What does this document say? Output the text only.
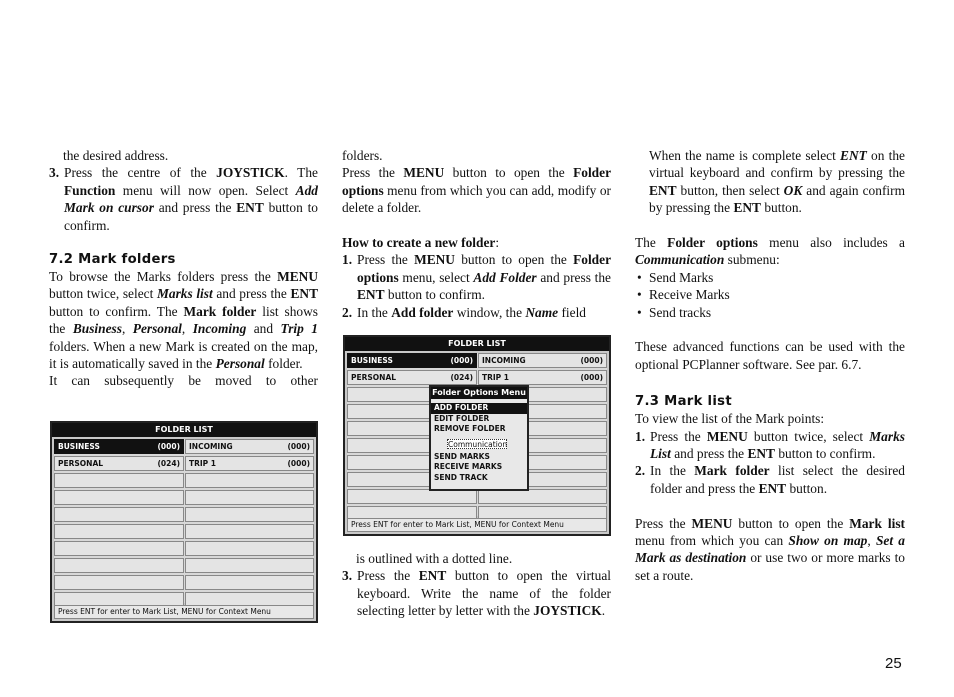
the desired address.

3. Press the centre of the JOYSTICK. The Function menu will now open. Select Add Mark on cursor and press the ENT button to confirm.
7.2 Mark folders

To browse the Marks folders press the MENU button twice, select Marks list and press the ENT button to confirm. The Mark folder list shows the Business, Personal, Incoming and Trip 1 folders. When a new Mark is created on the map, it is automatically saved in the Personal folder.

It can subsequently be moved to other

FOLDER LIST
BUSINESS	(000) INCOMING	(000)
PERSONAL	(024) TRIP 1	(000)
Press ENT for enter to Mark List, MENU for Context Menu

folders.

Press the MENU button to open the Folder options menu from which you can add, modify or delete a folder.

How to create a new folder:

1. Press the MENU button to open the Folder options menu, select Add Folder and press the ENT button to confirm.
2. In the Add folder window, the Name field
FOLDER LIST
BUSINESS	(000) INCOMING	(000)
PERSONAL	(024) TRIP 1	(000)
Press ENT for enter to Mark List, MENU for Context Menu
Folder Options Menu
ADD FOLDER
EDIT FOLDER
REMOVE FOLDER
Communication
SEND MARKS
RECEIVE MARKS
SEND TRACK

is outlined with a dotted line.

3. Press the ENT button to open the virtual keyboard. Write the name of the folder selecting letter by letter with the JOYSTICK.

When the name is complete select ENT on the virtual keyboard and confirm by pressing the ENT button, then select OK and again confirm by pressing the ENT button.

The Folder options menu also includes a Communication submenu:

• Send Marks
• Receive Marks
• Send tracks

These advanced functions can be used with the optional PCPlanner software. See par. 6.7.

7.3 Mark list

To view the list of the Mark points:

1. Press the MENU button twice, select Marks List and press the ENT button to confirm.
2. In the Mark folder list select the desired folder and press the ENT button.

Press the MENU button to open the Mark list menu from which you can Show on map, Set a Mark as destination or use two or more marks to set a route.

25
